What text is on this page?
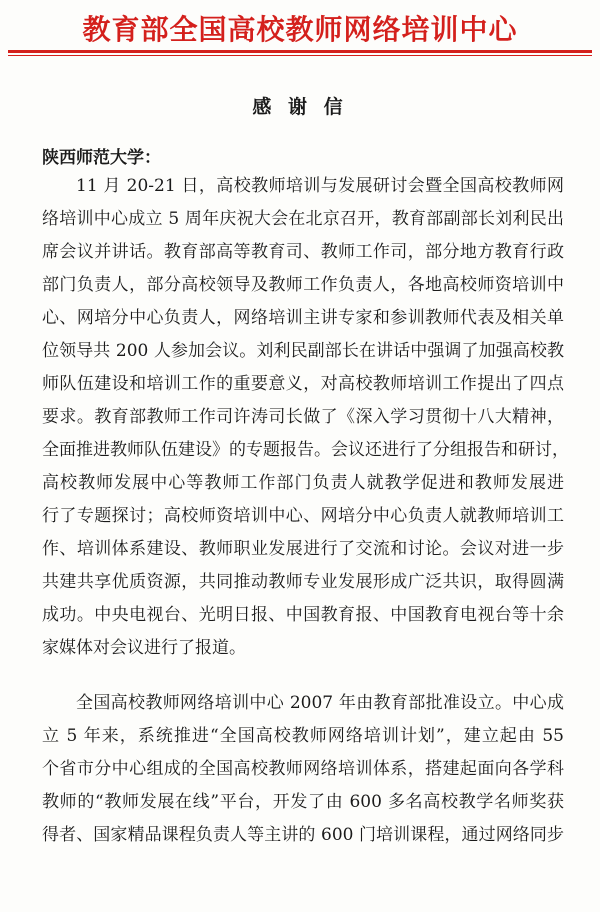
教育部全国高校教师网络培训中心
感 谢 信
陕西师范大学：
11 月 20-21 日，高校教师培训与发展研讨会暨全国高校教师网
络培训中心成立 5 周年庆祝大会在北京召开，教育部副部长刘利民出
席会议并讲话。教育部高等教育司、教师工作司，部分地方教育行政
部门负责人，部分高校领导及教师工作负责人，各地高校师资培训中
心、网培分中心负责人，网络培训主讲专家和参训教师代表及相关单
位领导共 200 人参加会议。刘利民副部长在讲话中强调了加强高校教
师队伍建设和培训工作的重要意义，对高校教师培训工作提出了四点
要求。教育部教师工作司许涛司长做了《深入学习贯彻十八大精神，
全面推进教师队伍建设》的专题报告。会议还进行了分组报告和研讨，
高校教师发展中心等教师工作部门负责人就教学促进和教师发展进
行了专题探讨；高校师资培训中心、网培分中心负责人就教师培训工
作、培训体系建设、教师职业发展进行了交流和讨论。会议对进一步
共建共享优质资源，共同推动教师专业发展形成广泛共识，取得圆满
成功。中央电视台、光明日报、中国教育报、中国教育电视台等十余
家媒体对会议进行了报道。
全国高校教师网络培训中心 2007 年由教育部批准设立。中心成
立 5 年来，系统推进“全国高校教师网络培训计划”，建立起由 55
个省市分中心组成的全国高校教师网络培训体系，搭建起面向各学科
教师的“教师发展在线”平台，开发了由 600 多名高校教学名师奖获
得者、国家精品课程负责人等主讲的 600 门培训课程，通过网络同步
